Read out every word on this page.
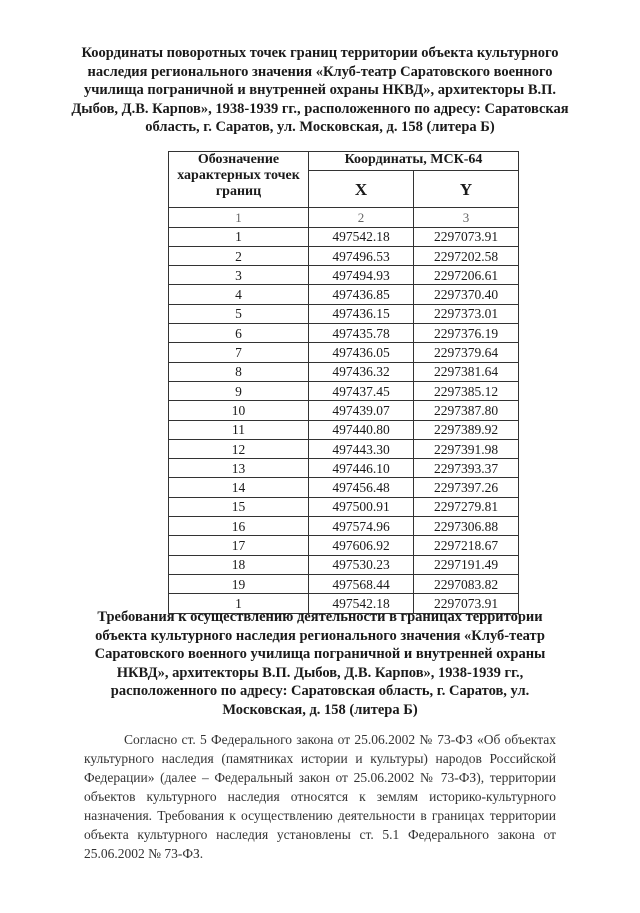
Координаты поворотных точек границ территории объекта культурного наследия регионального значения «Клуб-театр Саратовского военного училища пограничной и внутренней охраны НКВД», архитекторы В.П. Дыбов, Д.В. Карпов», 1938-1939 гг., расположенного по адресу: Саратовская область, г. Саратов, ул. Московская, д. 158 (литера Б)
Обозначение характерных точек границ	Координаты, МСК-64	
	X	Y
1	2	3
1	497542.18	2297073.91
2	497496.53	2297202.58
3	497494.93	2297206.61
4	497436.85	2297370.40
5	497436.15	2297373.01
6	497435.78	2297376.19
7	497436.05	2297379.64
8	497436.32	2297381.64
9	497437.45	2297385.12
10	497439.07	2297387.80
11	497440.80	2297389.92
12	497443.30	2297391.98
13	497446.10	2297393.37
14	497456.48	2297397.26
15	497500.91	2297279.81
16	497574.96	2297306.88
17	497606.92	2297218.67
18	497530.23	2297191.49
19	497568.44	2297083.82
1	497542.18	2297073.91
Требования к осуществлению деятельности в границах территории объекта культурного наследия регионального значения «Клуб-театр Саратовского военного училища пограничной и внутренней охраны НКВД», архитекторы В.П. Дыбов, Д.В. Карпов», 1938-1939 гг., расположенного по адресу: Саратовская область, г. Саратов, ул. Московская, д. 158 (литера Б)
Согласно ст. 5 Федерального закона от 25.06.2002 № 73-ФЗ «Об объектах культурного наследия (памятниках истории и культуры) народов Российской Федерации» (далее – Федеральный закон от 25.06.2002 № 73-ФЗ), территории объектов культурного наследия относятся к землям историко-культурного назначения. Требования к осуществлению деятельности в границах территории объекта культурного наследия установлены ст. 5.1 Федерального закона от 25.06.2002 № 73-ФЗ.
